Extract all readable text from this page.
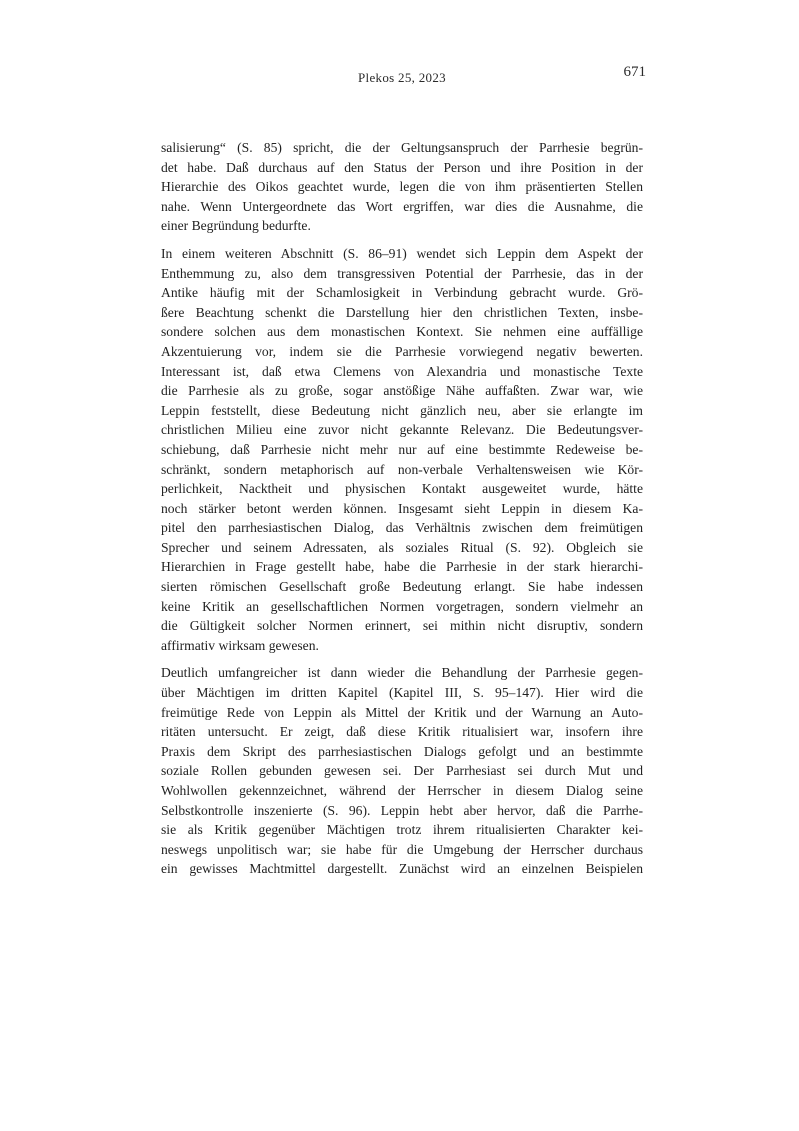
Plekos 25, 2023	671
salisierung“ (S. 85) spricht, die der Geltungsanspruch der Parrhesie begrün-
det habe. Daß durchaus auf den Status der Person und ihre Position in der
Hierarchie des Oikos geachtet wurde, legen die von ihm präsentierten Stellen
nahe. Wenn Untergeordnete das Wort ergriffen, war dies die Ausnahme, die
einer Begründung bedurfte.
In einem weiteren Abschnitt (S. 86–91) wendet sich Leppin dem Aspekt der
Enthemmung zu, also dem transgressiven Potential der Parrhesie, das in der
Antike häufig mit der Schamlosigkeit in Verbindung gebracht wurde. Grö-
ßere Beachtung schenkt die Darstellung hier den christlichen Texten, insbe-
sondere solchen aus dem monastischen Kontext. Sie nehmen eine auffällige
Akzentuierung vor, indem sie die Parrhesie vorwiegend negativ bewerten.
Interessant ist, daß etwa Clemens von Alexandria und monastische Texte
die Parrhesie als zu große, sogar anstößige Nähe auffaßten. Zwar war, wie
Leppin feststellt, diese Bedeutung nicht gänzlich neu, aber sie erlangte im
christlichen Milieu eine zuvor nicht gekannte Relevanz. Die Bedeutungsver-
schiebung, daß Parrhesie nicht mehr nur auf eine bestimmte Redeweise be-
schränkt, sondern metaphorisch auf non-verbale Verhaltensweisen wie Kör-
perlichkeit, Nacktheit und physischen Kontakt ausgeweitet wurde, hätte
noch stärker betont werden können. Insgesamt sieht Leppin in diesem Ka-
pitel den parrhesiastischen Dialog, das Verhältnis zwischen dem freimütigen
Sprecher und seinem Adressaten, als soziales Ritual (S. 92). Obgleich sie
Hierarchien in Frage gestellt habe, habe die Parrhesie in der stark hierarchi-
sierten römischen Gesellschaft große Bedeutung erlangt. Sie habe indessen
keine Kritik an gesellschaftlichen Normen vorgetragen, sondern vielmehr an
die Gültigkeit solcher Normen erinnert, sei mithin nicht disruptiv, sondern
affirmativ wirksam gewesen.
Deutlich umfangreicher ist dann wieder die Behandlung der Parrhesie gegen-
über Mächtigen im dritten Kapitel (Kapitel III, S. 95–147). Hier wird die
freimütige Rede von Leppin als Mittel der Kritik und der Warnung an Auto-
ritäten untersucht. Er zeigt, daß diese Kritik ritualisiert war, insofern ihre
Praxis dem Skript des parrhesiastischen Dialogs gefolgt und an bestimmte
soziale Rollen gebunden gewesen sei. Der Parrhesiast sei durch Mut und
Wohlwollen gekennzeichnet, während der Herrscher in diesem Dialog seine
Selbstkontrolle inszenierte (S. 96). Leppin hebt aber hervor, daß die Parrhe-
sie als Kritik gegenüber Mächtigen trotz ihrem ritualisierten Charakter kei-
neswegs unpolitisch war; sie habe für die Umgebung der Herrscher durchaus
ein gewisses Machtmittel dargestellt. Zunächst wird an einzelnen Beispielen
